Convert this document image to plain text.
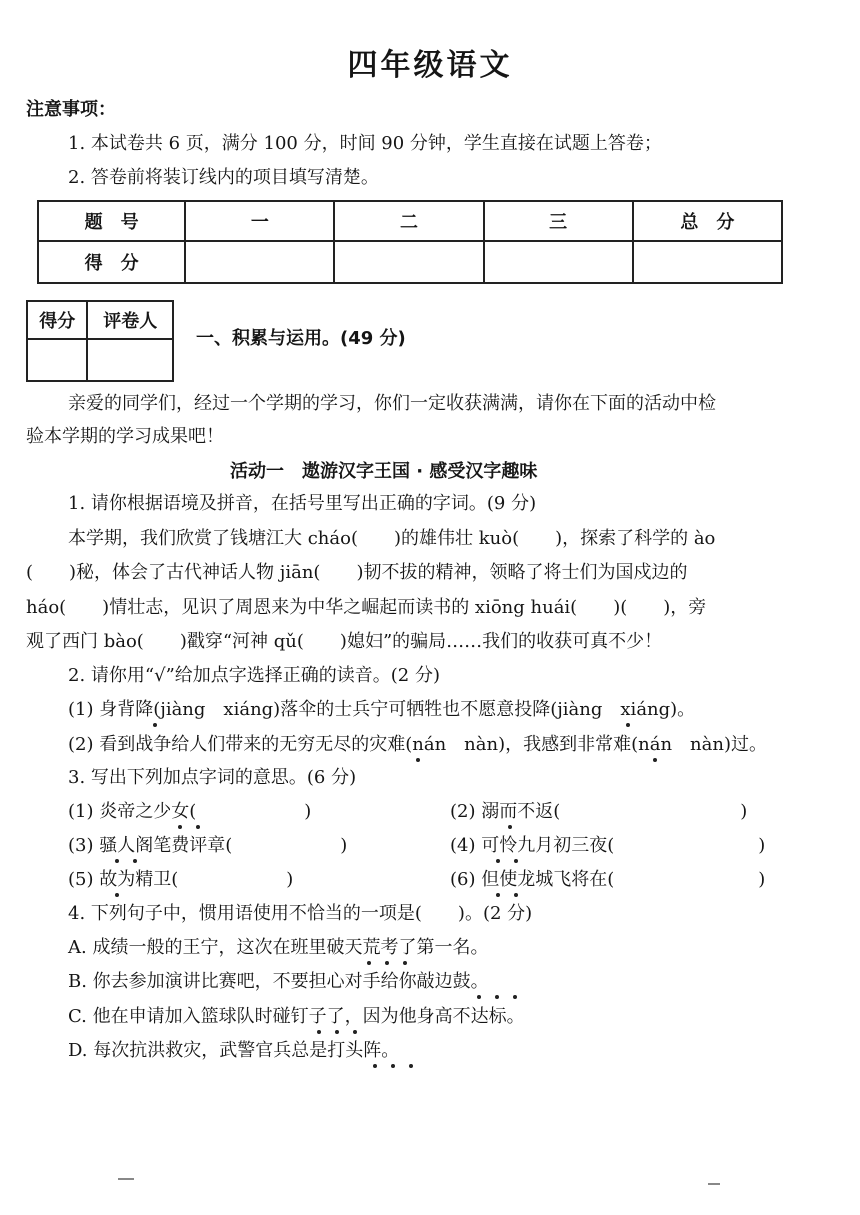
四年级语文
注意事项：
1. 本试卷共 6 页，满分 100 分，时间 90 分钟，学生直接在试题上答卷；
2. 答卷前将装订线内的项目填写清楚。
题　号	一	二	三	总　分
得　分				
得分	评卷人

一、积累与运用。(49 分)
亲爱的同学们，经过一个学期的学习，你们一定收获满满，请你在下面的活动中检
验本学期的学习成果吧！
活动一　遨游汉字王国 · 感受汉字趣味
1. 请你根据语境及拼音，在括号里写出正确的字词。(9 分)
本学期，我们欣赏了钱塘江大 cháo(　　)的雄伟壮 kuò(　　)，探索了科学的 ào
(　　)秘，体会了古代神话人物 jiān(　　)韧不拔的精神，领略了将士们为国戍边的
háo(　　)情壮志，见识了周恩来为中华之崛起而读书的 xiōng huái(　　)(　　)，旁
观了西门 bào(　　)戳穿“河神 qǔ(　　)媳妇”的骗局……我们的收获可真不少！
2. 请你用“√”给加点字选择正确的读音。(2 分)
(1) 身背降(jiàng　xiáng)落伞的士兵宁可牺牲也不愿意投降(jiàng　xiáng)。
(2) 看到战争给人们带来的无穷无尽的灾难(nán　nàn)，我感到非常难(nán　nàn)过。
3. 写出下列加点字词的意思。(6 分)
(1) 炎帝之少女(　　　　　　)	(2) 溺而不返(　　　　　　　　　　)
(3) 骚人阁笔费评章(　　　　　　)	(4) 可怜九月初三夜(　　　　　　　　)
(5) 故为精卫(　　　　　　)	(6) 但使龙城飞将在(　　　　　　　　)
4. 下列句子中，惯用语使用不恰当的一项是(　　)。(2 分)
A. 成绩一般的王宁，这次在班里破天荒考了第一名。
B. 你去参加演讲比赛吧，不要担心对手给你敲边鼓。
C. 他在申请加入篮球队时碰钉子了，因为他身高不达标。
D. 每次抗洪救灾，武警官兵总是打头阵。
